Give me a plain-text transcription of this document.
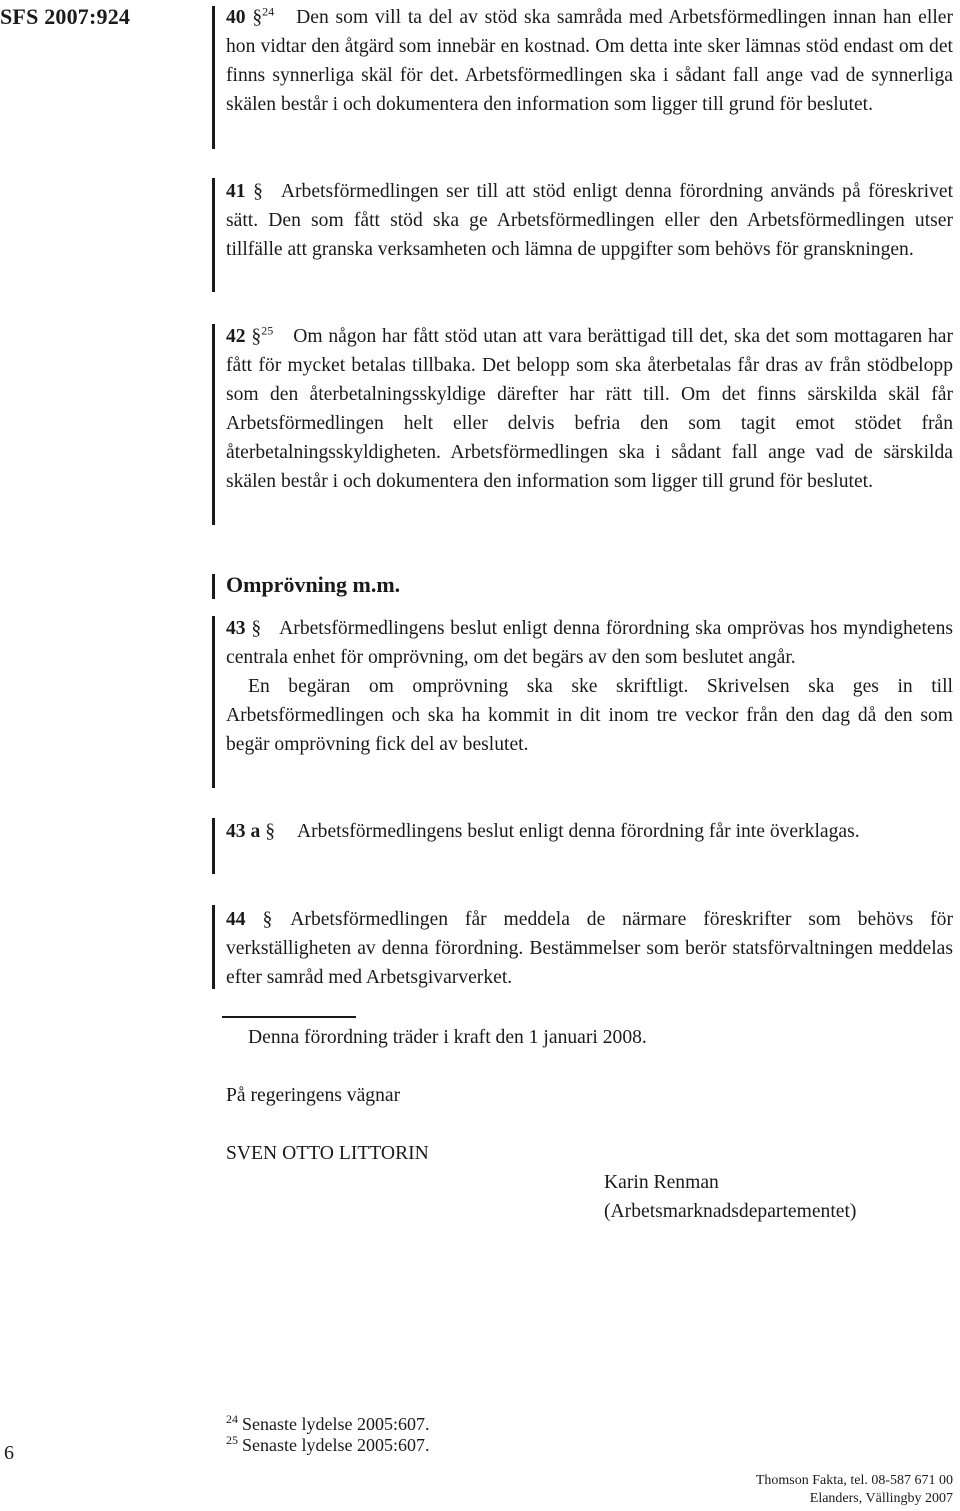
SFS 2007:924	40 §$^{24}$ Den som vill ta del av stöd ska samråda med Arbetsförmedlingen innan han eller hon vidtar den åtgärd som innebär en kostnad. Om detta inte sker lämnas stöd endast om det finns synnerliga skäl för det. Arbetsförmedlingen ska i sådant fall ange vad de synnerliga skälen består i och dokumentera den information som ligger till grund för beslutet.

41 § Arbetsförmedlingen ser till att stöd enligt denna förordning används på föreskrivet sätt. Den som fått stöd ska ge Arbetsförmedlingen eller den Arbetsförmedlingen utser tillfälle att granska verksamheten och lämna de uppgifter som behövs för granskningen.

42 §$^{25}$ Om någon har fått stöd utan att vara berättigad till det, ska det som mottagaren har fått för mycket betalas tillbaka. Det belopp som ska återbetalas får dras av från stödbelopp som den återbetalningsskyldige därefter har rätt till. Om det finns särskilda skäl får Arbetsförmedlingen helt eller delvis befria den som tagit emot stödet från återbetalningsskyldigheten. Arbetsförmedlingen ska i sådant fall ange vad de särskilda skälen består i och dokumentera den information som ligger till grund för beslutet.

Omprövning m.m.

43 § Arbetsförmedlingens beslut enligt denna förordning ska omprövas hos myndighetens centrala enhet för omprövning, om det begärs av den som beslutet angår.

En begäran om omprövning ska ske skriftligt. Skrivelsen ska ges in till Arbetsförmedlingen och ska ha kommit in dit inom tre veckor från den dag då den som begär omprövning fick del av beslutet.

43 a § Arbetsförmedlingens beslut enligt denna förordning får inte överklagas.

44 § Arbetsförmedlingen får meddela de närmare föreskrifter som behövs för verkställigheten av denna förordning. Bestämmelser som berör statsförvaltningen meddelas efter samråd med Arbetsgivarverket.

Denna förordning träder i kraft den 1 januari 2008.
På regeringens vägnar
SVEN OTTO LITTORIN
Karin Renman
(Arbetsmarknadsdepartementet)
$^{24}$ Senaste lydelse 2005:607.
$^{25}$ Senaste lydelse 2005:607.
6
Thomson Fakta, tel. 08-587 671 00
Elanders, Vällingby 2007
